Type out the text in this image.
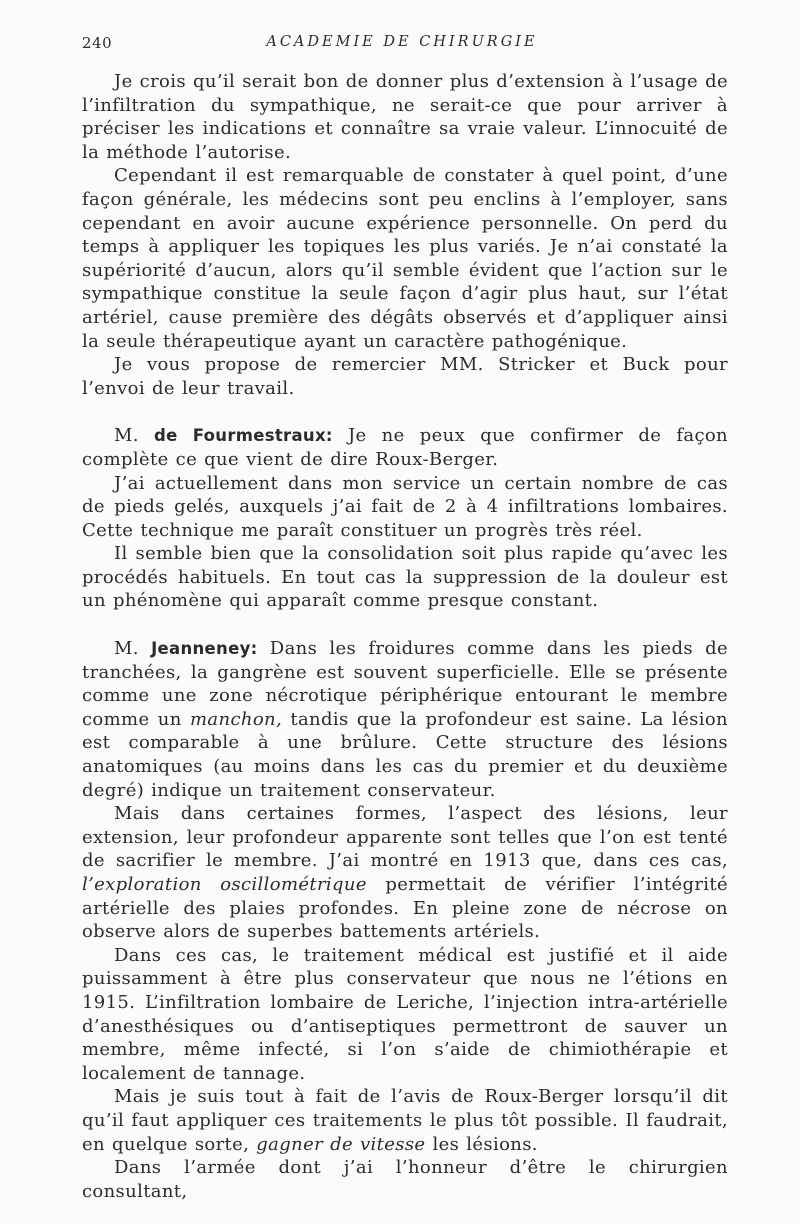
240	ACADEMIE DE CHIRURGIE

Je crois qu’il serait bon de donner plus d’extension à l’usage de l’infiltration du sympathique, ne serait-ce que pour arriver à préciser les indications et connaître sa vraie valeur. L’innocuité de la méthode l’autorise.

Cependant il est remarquable de constater à quel point, d’une façon générale, les médecins sont peu enclins à l’employer, sans cependant en avoir aucune expérience personnelle. On perd du temps à appliquer les topiques les plus variés. Je n’ai constaté la supériorité d’aucun, alors qu’il semble évident que l’action sur le sympathique constitue la seule façon d’agir plus haut, sur l’état artériel, cause première des dégâts observés et d’appliquer ainsi la seule thérapeutique ayant un caractère pathogénique.

Je vous propose de remercier MM. Stricker et Buck pour l’envoi de leur travail.

M. de Fourmestraux: Je ne peux que confirmer de façon complète ce que vient de dire Roux-Berger.

J’ai actuellement dans mon service un certain nombre de cas de pieds gelés, auxquels j’ai fait de 2 à 4 infiltrations lombaires. Cette technique me paraît constituer un progrès très réel.

Il semble bien que la consolidation soit plus rapide qu’avec les procédés habituels. En tout cas la suppression de la douleur est un phénomène qui apparaît comme presque constant.

M. Jeanneney: Dans les froidures comme dans les pieds de tranchées, la gangrène est souvent superficielle. Elle se présente comme une zone nécrotique périphérique entourant le membre comme un manchon, tandis que la profondeur est saine. La lésion est comparable à une brûlure. Cette structure des lésions anatomiques (au moins dans les cas du premier et du deuxième degré) indique un traitement conservateur.

Mais dans certaines formes, l’aspect des lésions, leur extension, leur profondeur apparente sont telles que l’on est tenté de sacrifier le membre. J’ai montré en 1913 que, dans ces cas, l’exploration oscillométrique permettait de vérifier l’intégrité artérielle des plaies profondes. En pleine zone de nécrose on observe alors de superbes battements artériels.

Dans ces cas, le traitement médical est justifié et il aide puissamment à être plus conservateur que nous ne l’étions en 1915. L’infiltration lombaire de Leriche, l’injection intra-artérielle d’anesthésiques ou d’antiseptiques permettront de sauver un membre, même infecté, si l’on s’aide de chimiothérapie et localement de tannage.

Mais je suis tout à fait de l’avis de Roux-Berger lorsqu’il dit qu’il faut appliquer ces traitements le plus tôt possible. Il faudrait, en quelque sorte, gagner de vitesse les lésions.

Dans l’armée dont j’ai l’honneur d’être le chirurgien consultant,
